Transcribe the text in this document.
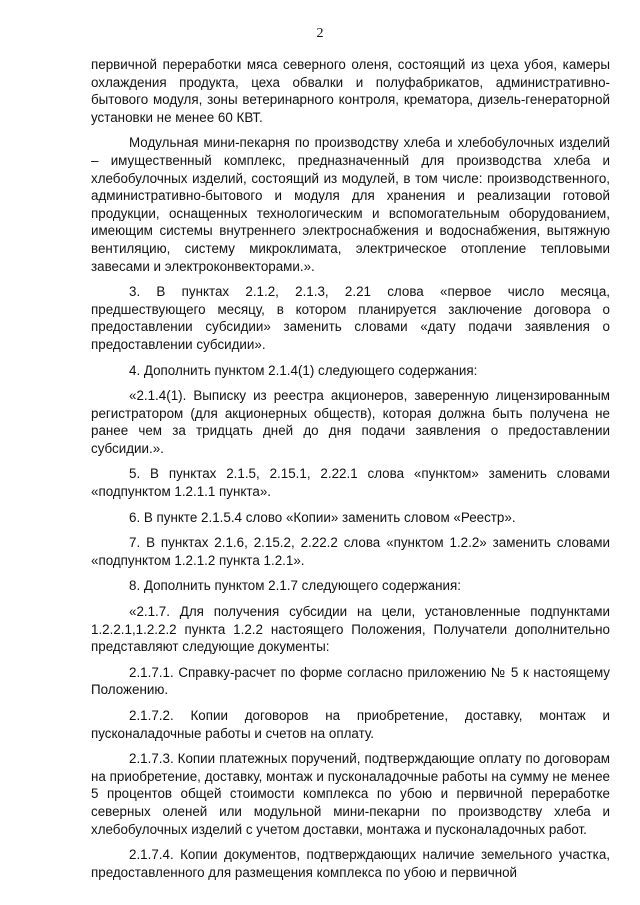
2

первичной переработки мяса северного оленя, состоящий из цеха убоя, камеры охлаждения продукта, цеха обвалки и полуфабрикатов, административно-бытового модуля, зоны ветеринарного контроля, крематора, дизель-генераторной установки не менее 60 КВТ.

Модульная мини-пекарня по производству хлеба и хлебобулочных изделий – имущественный комплекс, предназначенный для производства хлеба и хлебобулочных изделий, состоящий из модулей, в том числе: производственного, административно-бытового и модуля для хранения и реализации готовой продукции, оснащенных технологическим и вспомогательным оборудованием, имеющим системы внутреннего электроснабжения и водоснабжения, вытяжную вентиляцию, систему микроклимата, электрическое отопление тепловыми завесами и электроконвекторами.».

3. В пунктах 2.1.2, 2.1.3, 2.21 слова «первое число месяца, предшествующего месяцу, в котором планируется заключение договора о предоставлении субсидии» заменить словами «дату подачи заявления о предоставлении субсидии».

4. Дополнить пунктом 2.1.4(1) следующего содержания:

«2.1.4(1). Выписку из реестра акционеров, заверенную лицензированным регистратором (для акционерных обществ), которая должна быть получена не ранее чем за тридцать дней до дня подачи заявления о предоставлении субсидии.».

5. В пунктах 2.1.5, 2.15.1, 2.22.1 слова «пунктом» заменить словами «подпунктом 1.2.1.1 пункта».

6. В пункте 2.1.5.4 слово «Копии» заменить словом «Реестр».

7. В пунктах 2.1.6, 2.15.2, 2.22.2 слова «пунктом 1.2.2» заменить словами «подпунктом 1.2.1.2 пункта 1.2.1».

8. Дополнить пунктом 2.1.7 следующего содержания:

«2.1.7. Для получения субсидии на цели, установленные подпунктами 1.2.2.1,1.2.2.2 пункта 1.2.2 настоящего Положения, Получатели дополнительно представляют следующие документы:

2.1.7.1. Справку-расчет по форме согласно приложению № 5 к настоящему Положению.

2.1.7.2. Копии договоров на приобретение, доставку, монтаж и пусконаладочные работы и счетов на оплату.

2.1.7.3. Копии платежных поручений, подтверждающие оплату по договорам на приобретение, доставку, монтаж и пусконаладочные работы на сумму не менее 5 процентов общей стоимости комплекса по убою и первичной переработке северных оленей или модульной мини-пекарни по производству хлеба и хлебобулочных изделий с учетом доставки, монтажа и пусконаладочных работ.

2.1.7.4. Копии документов, подтверждающих наличие земельного участка, предоставленного для размещения комплекса по убою и первичной
